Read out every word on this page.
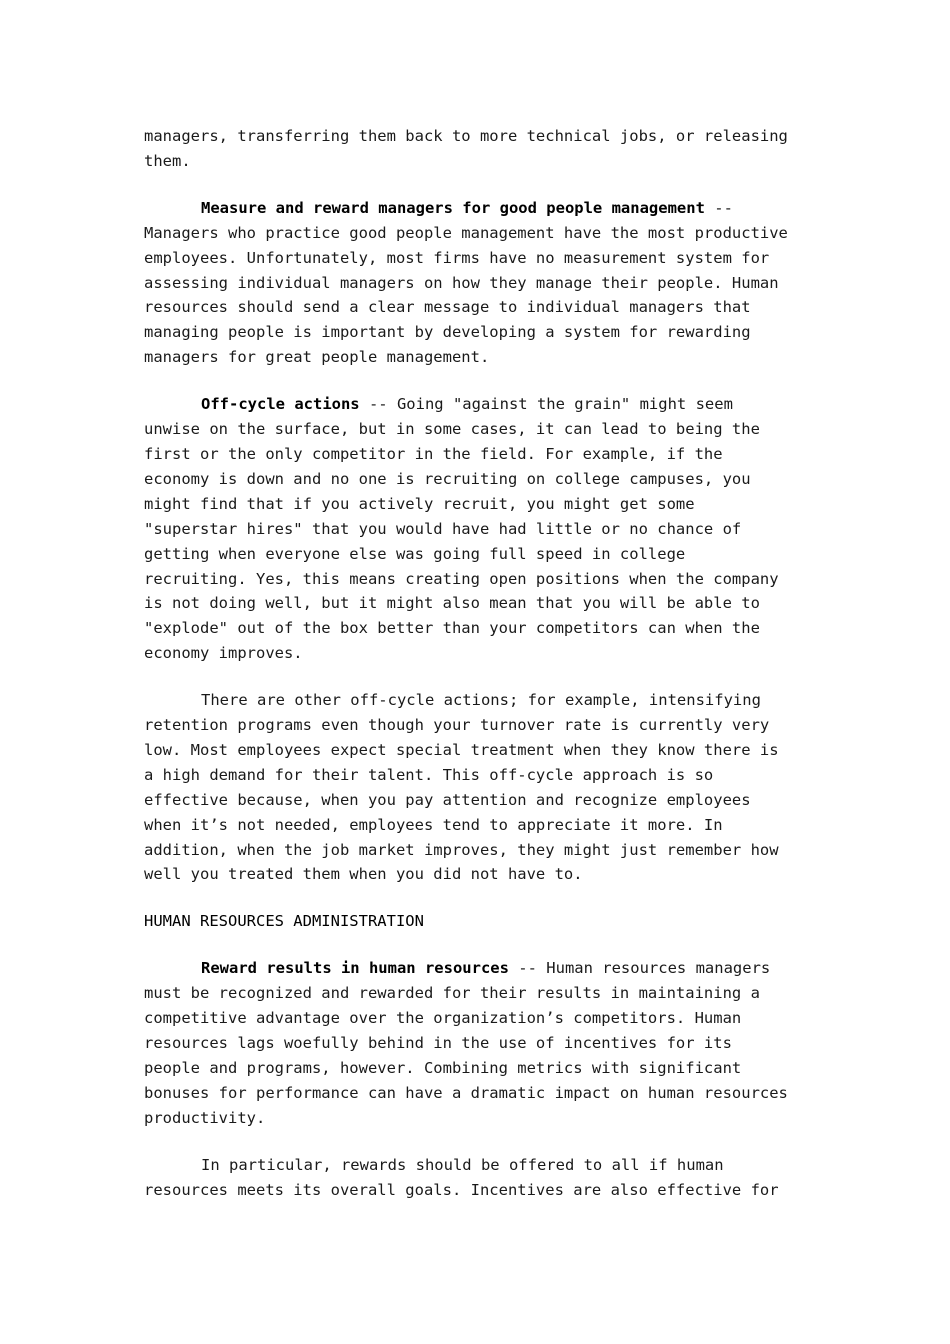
managers, transferring them back to more technical jobs, or releasing
them.
Measure and reward managers for good people management --
Managers who practice good people management have the most productive
employees. Unfortunately, most firms have no measurement system for
assessing individual managers on how they manage their people. Human
resources should send a clear message to individual managers that
managing people is important by developing a system for rewarding
managers for great people management.
Off-cycle actions -- Going "against the grain" might seem
unwise on the surface, but in some cases, it can lead to being the
first or the only competitor in the field. For example, if the
economy is down and no one is recruiting on college campuses, you
might find that if you actively recruit, you might get some
"superstar hires" that you would have had little or no chance of
getting when everyone else was going full speed in college
recruiting. Yes, this means creating open positions when the company
is not doing well, but it might also mean that you will be able to
"explode" out of the box better than your competitors can when the
economy improves.
There are other off-cycle actions; for example, intensifying
retention programs even though your turnover rate is currently very
low. Most employees expect special treatment when they know there is
a high demand for their talent. This off-cycle approach is so
effective because, when you pay attention and recognize employees
when it’s not needed, employees tend to appreciate it more. In
addition, when the job market improves, they might just remember how
well you treated them when you did not have to.
HUMAN RESOURCES ADMINISTRATION
Reward results in human resources -- Human resources managers
must be recognized and rewarded for their results in maintaining a
competitive advantage over the organization’s competitors. Human
resources lags woefully behind in the use of incentives for its
people and programs, however. Combining metrics with significant
bonuses for performance can have a dramatic impact on human resources
productivity.
In particular, rewards should be offered to all if human
resources meets its overall goals. Incentives are also effective for
